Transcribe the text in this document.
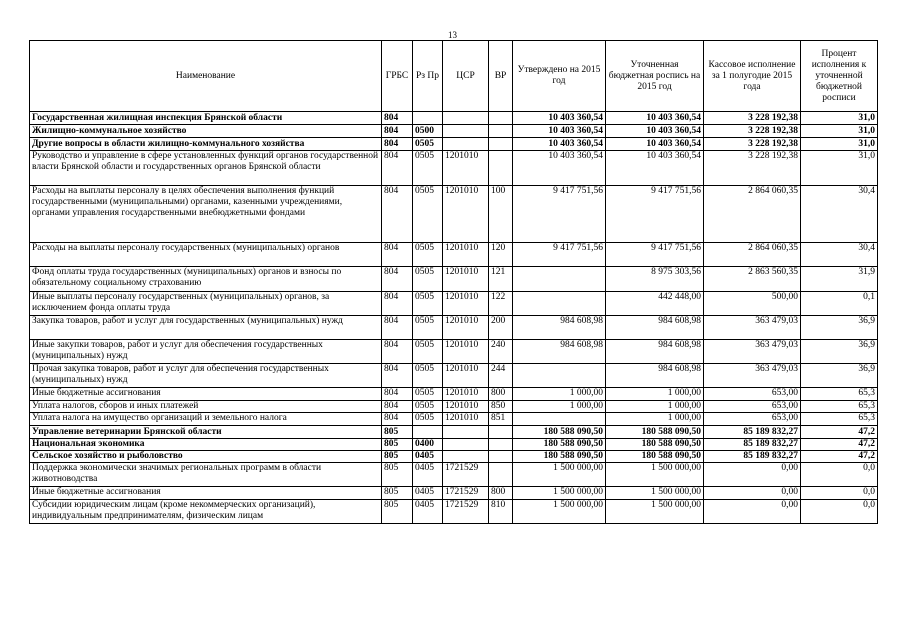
13
Наименование	ГРБС	Рз Пр	ЦСР	ВР	Утверждено на 2015 год	Уточненная бюджетная роспись на 2015 год	Кассовое исполнение за 1 полугодие 2015 года	Процент исполнения к уточненной бюджетной росписи
Государственная жилищная инспекция Брянской области	804				10 403 360,54	10 403 360,54	3 228 192,38	31,0
Жилищно-коммунальное хозяйство	804	0500			10 403 360,54	10 403 360,54	3 228 192,38	31,0
Другие вопросы в области жилищно-коммунального хозяйства	804	0505			10 403 360,54	10 403 360,54	3 228 192,38	31,0
Руководство и управление в сфере установленных функций органов государственной власти Брянской области и государственных органов Брянской области	804	0505	1201010		10 403 360,54	10 403 360,54	3 228 192,38	31,0
Расходы на выплаты персоналу в целях обеспечения выполнения функций государственными (муниципальными) органами, казенными учреждениями, органами управления государственными внебюджетными фондами	804	0505	1201010	100	9 417 751,56	9 417 751,56	2 864 060,35	30,4
Расходы на выплаты персоналу государственных (муниципальных) органов	804	0505	1201010	120	9 417 751,56	9 417 751,56	2 864 060,35	30,4
Фонд оплаты труда государственных (муниципальных) органов и взносы по обязательному социальному страхованию	804	0505	1201010	121		8 975 303,56	2 863 560,35	31,9
Иные выплаты персоналу государственных (муниципальных) органов, за исключением фонда оплаты труда	804	0505	1201010	122		442 448,00	500,00	0,1
Закупка товаров, работ и услуг для государственных (муниципальных) нужд	804	0505	1201010	200	984 608,98	984 608,98	363 479,03	36,9
Иные закупки товаров, работ и услуг для обеспечения государственных (муниципальных) нужд	804	0505	1201010	240	984 608,98	984 608,98	363 479,03	36,9
Прочая закупка товаров, работ и услуг для обеспечения государственных (муниципальных) нужд	804	0505	1201010	244		984 608,98	363 479,03	36,9
Иные бюджетные ассигнования	804	0505	1201010	800	1 000,00	1 000,00	653,00	65,3
Уплата налогов, сборов и иных платежей	804	0505	1201010	850	1 000,00	1 000,00	653,00	65,3
Уплата налога на имущество организаций и земельного налога	804	0505	1201010	851		1 000,00	653,00	65,3
Управление ветеринарии Брянской области	805				180 588 090,50	180 588 090,50	85 189 832,27	47,2
Национальная экономика	805	0400			180 588 090,50	180 588 090,50	85 189 832,27	47,2
Сельское хозяйство и рыболовство	805	0405			180 588 090,50	180 588 090,50	85 189 832,27	47,2
Поддержка экономически значимых региональных программ в области животноводства	805	0405	1721529		1 500 000,00	1 500 000,00	0,00	0,0
Иные бюджетные ассигнования	805	0405	1721529	800	1 500 000,00	1 500 000,00	0,00	0,0
Субсидии юридическим лицам (кроме некоммерческих организаций), индивидуальным предпринимателям, физическим лицам	805	0405	1721529	810	1 500 000,00	1 500 000,00	0,00	0,0
